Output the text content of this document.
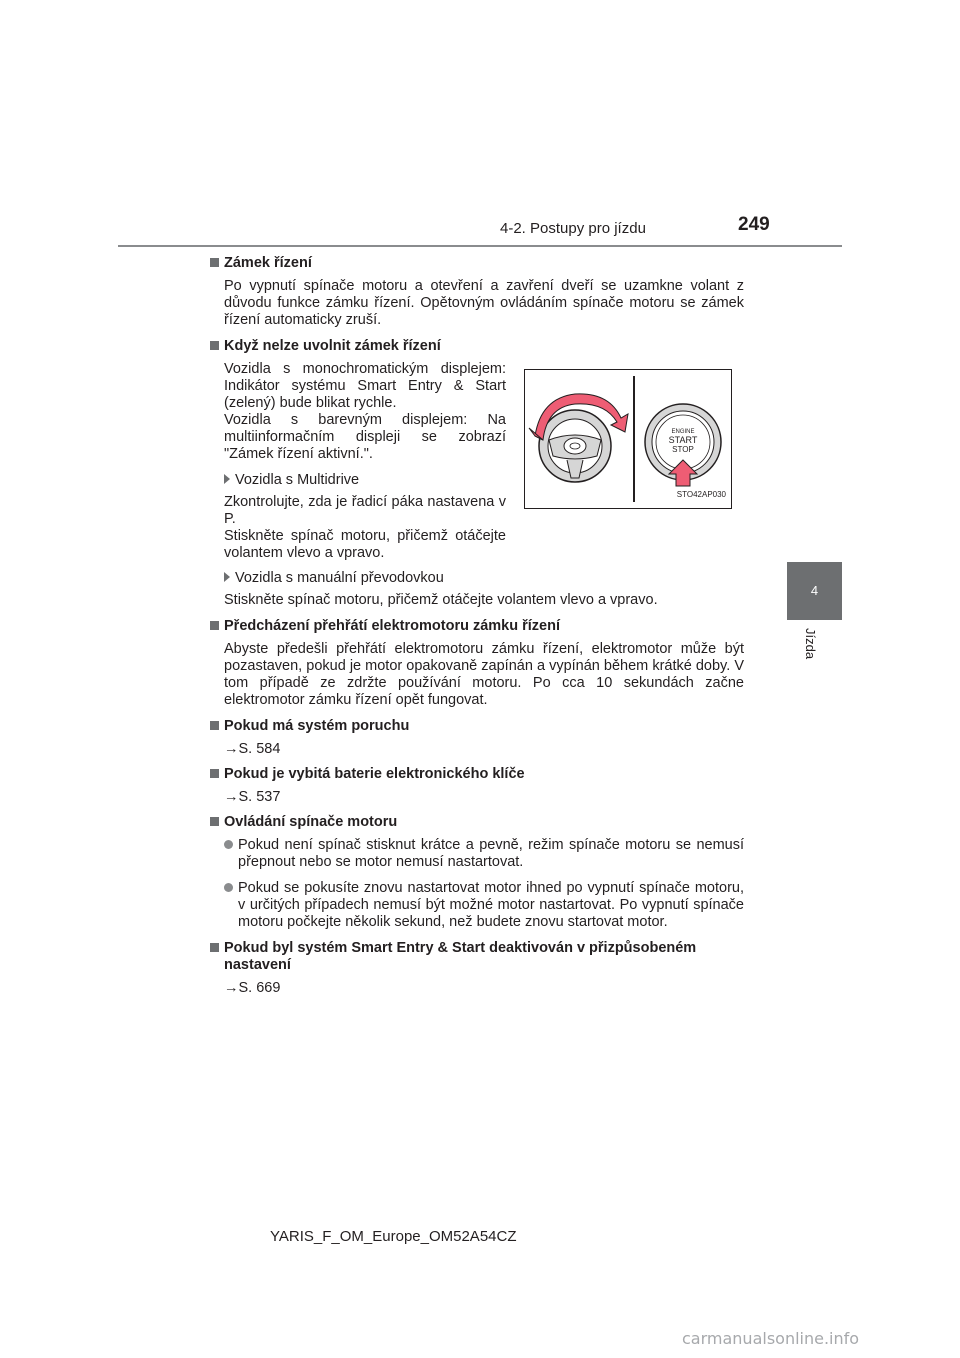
4-2. Postupy pro jízdu	249
4
Jízda
Zámek řízení

Po vypnutí spínače motoru a otevření a zavření dveří se uzamkne volant z důvodu funkce zámku řízení. Opětovným ovládáním spínače motoru se zámek řízení automaticky zruší.

Když nelze uvolnit zámek řízení

Vozidla s monochromatickým displejem: Indikátor systému Smart Entry & Start (zelený) bude blikat rychle.

Vozidla s barevným displejem: Na multiinformačním displeji se zobrazí "Zámek řízení aktivní.".

Vozidla s Multidrive

Zkontrolujte, zda je řadicí páka nastavena v P.

Stiskněte spínač motoru, přičemž otáčejte volantem vlevo a vpravo.

ENGINE
START
STOP
STO42AP030
Vozidla s manuální převodovkou

Stiskněte spínač motoru, přičemž otáčejte volantem vlevo a vpravo.

Předcházení přehřátí elektromotoru zámku řízení

Abyste předešli přehřátí elektromotoru zámku řízení, elektromotor může být pozastaven, pokud je motor opakovaně zapínán a vypínán během krátké doby. V tom případě ze zdržte používání motoru. Po cca 10 sekundách začne elektromotor zámku řízení opět fungovat.

Pokud má systém poruchu

→S. 584

Pokud je vybitá baterie elektronického klíče

→S. 537

Ovládání spínače motoru
Pokud není spínač stisknut krátce a pevně, režim spínače motoru se nemusí přepnout nebo se motor nemusí nastartovat.
Pokud se pokusíte znovu nastartovat motor ihned po vypnutí spínače motoru, v určitých případech nemusí být možné motor nastartovat. Po vypnutí spínače motoru počkejte několik sekund, než budete znovu startovat motor.
Pokud byl systém Smart Entry & Start deaktivován v přizpůsobeném nastavení

→S. 669

YARIS_F_OM_Europe_OM52A54CZ
carmanualsonline.info
